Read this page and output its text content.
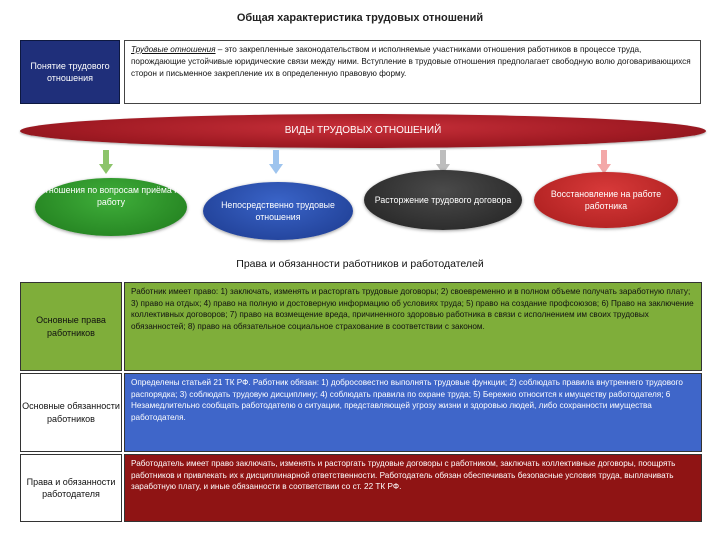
Общая характеристика трудовых отношений
Понятие трудового отношения
Трудовые отношения – это закрепленные законодательством и исполняемые участниками отношения работников в процессе труда, порождающие устойчивые юридические связи между ними. Вступление в трудовые отношения предполагает свободную волю договаривающихся сторон и письменное закрепление их в определенную правовую форму.
ВИДЫ ТРУДОВЫХ ОТНОШЕНИЙ
Отношения по вопросам приёма на работу	Непосредственно трудовые отношения
Расторжение трудового договора
Восстановление на работе работника
Права и обязанности работников и работодателей
Основные права работников
Работник имеет право: 1) заключать, изменять и расторгать трудовые договоры; 2) своевременно и в полном объеме получать заработную плату; 3) право на отдых; 4) право на полную и достоверную информацию об условиях труда; 5) право на создание профсоюзов; 6) Право на заключение коллективных договоров; 7) право на возмещение вреда, причиненного здоровью работника в связи с исполнением им своих трудовых обязанностей; 8) право на обязательное социальное страхование в соответствии с законом.
Основные обязанности работников
Определены статьей 21 ТК РФ. Работник обязан: 1) добросовестно выполнять трудовые функции; 2) соблюдать правила внутреннего трудового распорядка; 3) соблюдать трудовую дисциплину; 4) соблюдать правила по охране труда; 5) Бережно относится к имуществу работодателя; 6 Незамедлительно сообщать работодателю о ситуации, представляющей угрозу жизни и здоровью людей, либо сохранности имущества работодателя.
Права и обязанности работодателя
Работодатель имеет право заключать, изменять и расторгать трудовые договоры с работником, заключать коллективные договоры, поощрять работников и привлекать их к дисциплинарной ответственности. Работодатель обязан обеспечивать безопасные условия труда, выплачивать заработную плату, и иные обязанности в соответствии со ст. 22 ТК РФ.
